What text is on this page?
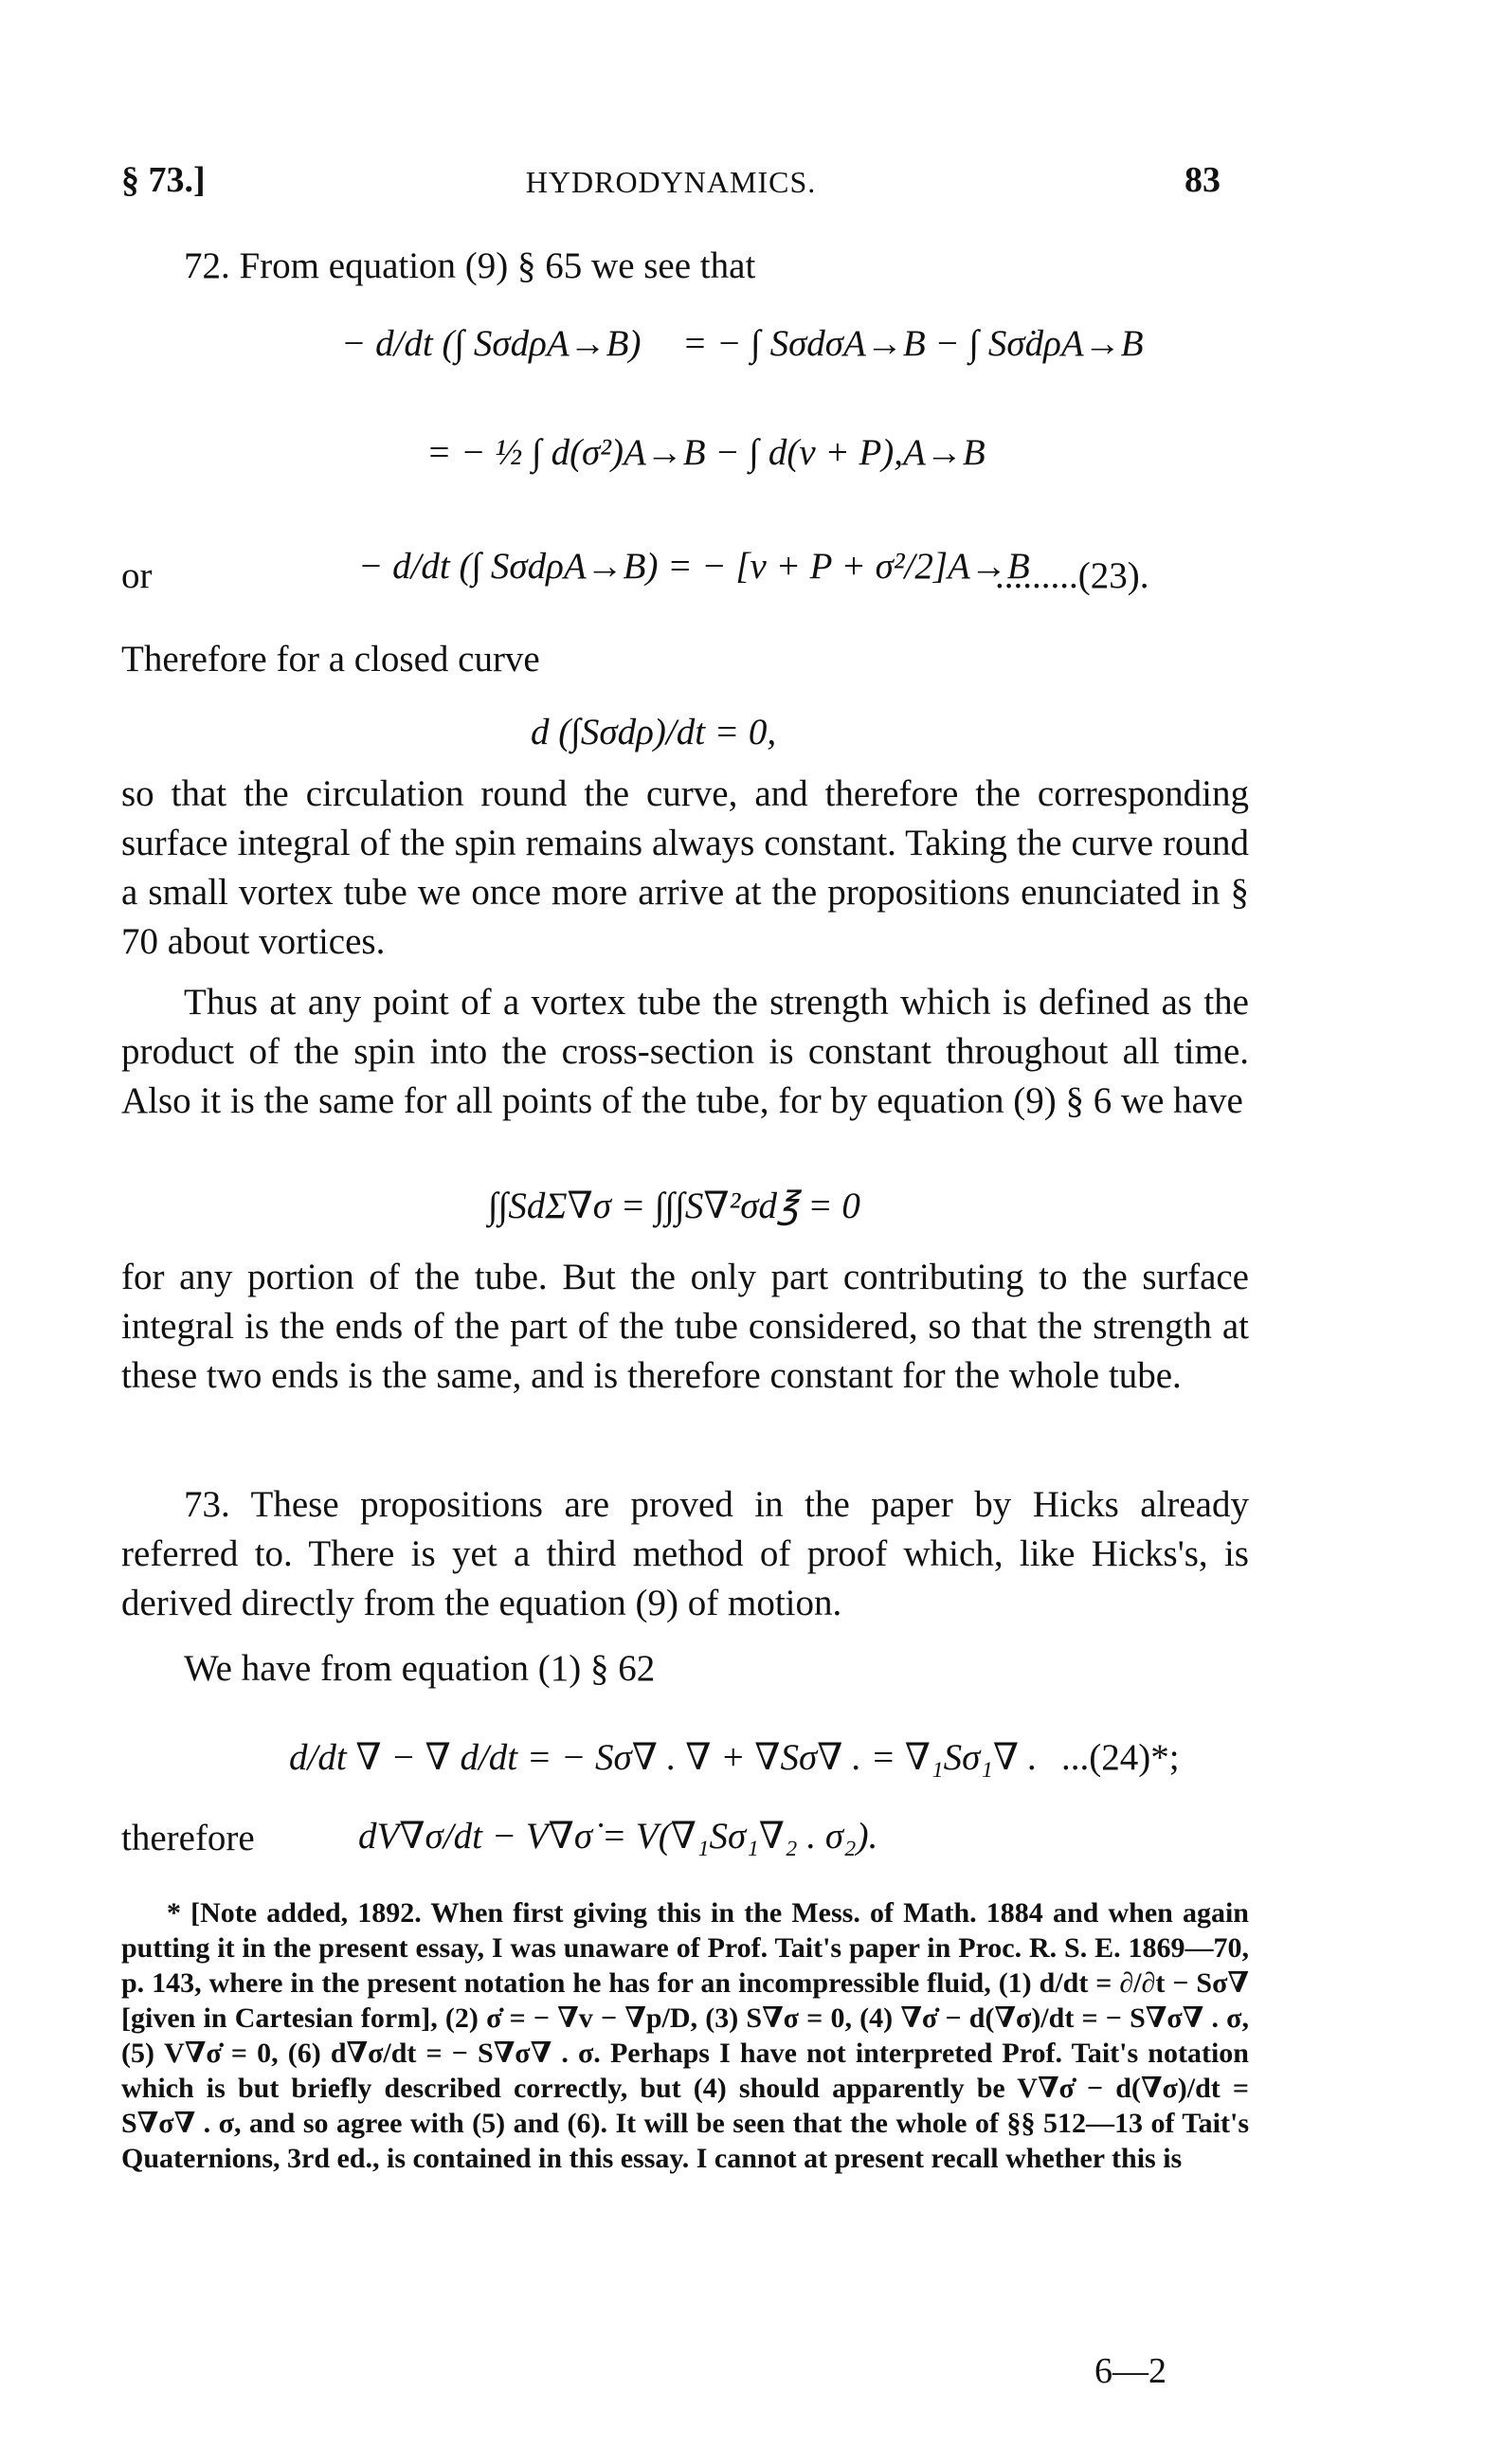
§ 73.]	HYDRODYNAMICS.	83
72. From equation (9) § 65 we see that
− d/dt (∫ SσdρA→B) = − ∫ SσdσA→B − ∫ Sσ̇dρA→B
= − ½ ∫ d(σ²)A→B − ∫ d(v + P),A→B
or	− d/dt (∫ SσdρA→B) = − [v + P + σ²/2]A→B
.........(23).
Therefore for a closed curve
d (∫Sσdρ)/dt = 0,
so that the circulation round the curve, and therefore the corresponding surface integral of the spin remains always constant. Taking the curve round a small vortex tube we once more arrive at the propositions enunciated in § 70 about vortices.
Thus at any point of a vortex tube the strength which is defined as the product of the spin into the cross-section is constant throughout all time. Also it is the same for all points of the tube, for by equation (9) § 6 we have
∫∫SdΣ∇σ = ∫∫∫S∇²σd℥ = 0
for any portion of the tube. But the only part contributing to the surface integral is the ends of the part of the tube considered, so that the strength at these two ends is the same, and is therefore constant for the whole tube.
73. These propositions are proved in the paper by Hicks already referred to. There is yet a third method of proof which, like Hicks's, is derived directly from the equation (9) of motion.
We have from equation (1) § 62
d/dt ∇ − ∇ d/dt = − Sσ∇ . ∇ + ∇Sσ∇ . = ∇₁Sσ₁∇ . ...(24)*;
therefore	dV∇σ/dt − V∇σ̇ = V(∇₁Sσ₁∇₂ . σ₂).
* [Note added, 1892. When first giving this in the Mess. of Math. 1884 and when again putting it in the present essay, I was unaware of Prof. Tait's paper in Proc. R. S. E. 1869—70, p. 143, where in the present notation he has for an incompressible fluid, (1) d/dt = ∂/∂t − Sσ∇ [given in Cartesian form], (2) σ̇ = − ∇v − ∇p/D, (3) S∇σ = 0, (4) ∇σ̇ − d(∇σ)/dt = − S∇σ∇ . σ, (5) V∇σ̇ = 0, (6) d∇σ/dt = − S∇σ∇ . σ. Perhaps I have not interpreted Prof. Tait's notation which is but briefly described correctly, but (4) should apparently be V∇σ̇ − d(∇σ)/dt = S∇σ∇ . σ, and so agree with (5) and (6). It will be seen that the whole of §§ 512—13 of Tait's Quaternions, 3rd ed., is contained in this essay. I cannot at present recall whether this is
6—2
